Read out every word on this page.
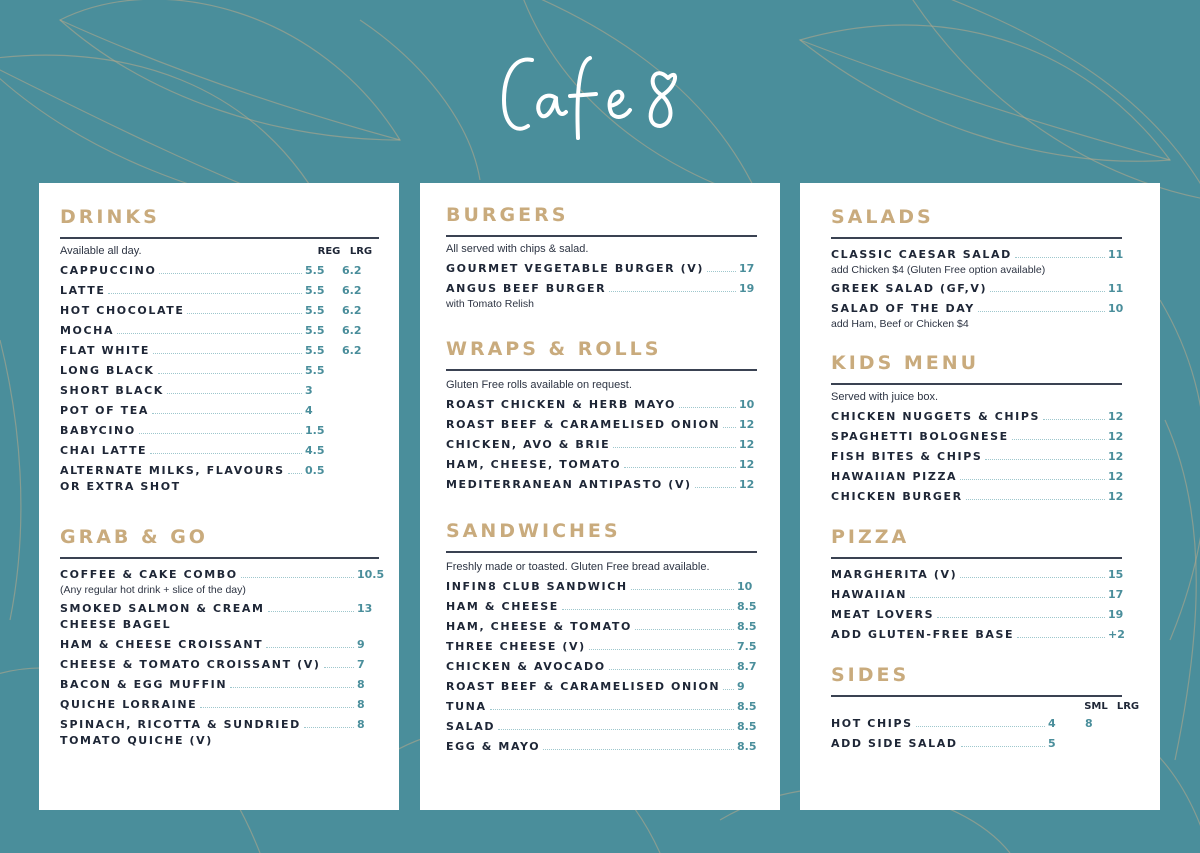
DRINKS
Available all day.	REG LRG
CAPPUCCINO	5.5	6.2
LATTE	5.5	6.2
HOT CHOCOLATE	5.5	6.2
MOCHA	5.5	6.2
FLAT WHITE	5.5	6.2
LONG BLACK	5.5
SHORT BLACK	3
POT OF TEA	4
BABYCINO	1.5
CHAI LATTE	4.5
ALTERNATE MILKS, FLAVOURS 0.5
OR EXTRA SHOT
GRAB & GO
COFFEE & CAKE COMBO	10.5
(Any regular hot drink + slice of the day)
SMOKED SALMON & CREAM	13
CHEESE BAGEL
HAM & CHEESE CROISSANT	9
CHEESE & TOMATO CROISSANT (V)	7
BACON & EGG MUFFIN	8
QUICHE LORRAINE	8
SPINACH, RICOTTA & SUNDRIED	8
TOMATO QUICHE (V)
BURGERS
All served with chips & salad.
GOURMET VEGETABLE BURGER (V)	17
ANGUS BEEF BURGER	19
with Tomato Relish
WRAPS & ROLLS
Gluten Free rolls available on request.
ROAST CHICKEN & HERB MAYO	10
ROAST BEEF & CARAMELISED ONION 12
CHICKEN, AVO & BRIE	12
HAM, CHEESE, TOMATO	12
MEDITERRANEAN ANTIPASTO (V)	12
SANDWICHES
Freshly made or toasted. Gluten Free bread available.
INFIN8 CLUB SANDWICH	10
HAM & CHEESE	8.5
HAM, CHEESE & TOMATO	8.5
THREE CHEESE (V)	7.5
CHICKEN & AVOCADO	8.7
ROAST BEEF & CARAMELISED ONION 9
TUNA	8.5
SALAD	8.5
EGG & MAYO	8.5
SALADS
CLASSIC CAESAR SALAD	11
add Chicken $4 (Gluten Free option available)
GREEK SALAD (GF,V)	11
SALAD OF THE DAY	10
add Ham, Beef or Chicken $4
KIDS MENU
Served with juice box.
CHICKEN NUGGETS & CHIPS	12
SPAGHETTI BOLOGNESE	12
FISH BITES & CHIPS	12
HAWAIIAN PIZZA	12
CHICKEN BURGER	12
PIZZA
MARGHERITA (V)	15
HAWAIIAN	17
MEAT LOVERS	19
ADD GLUTEN-FREE BASE	+2
SIDES
SML LRG
HOT CHIPS	4	8
ADD SIDE SALAD	5
